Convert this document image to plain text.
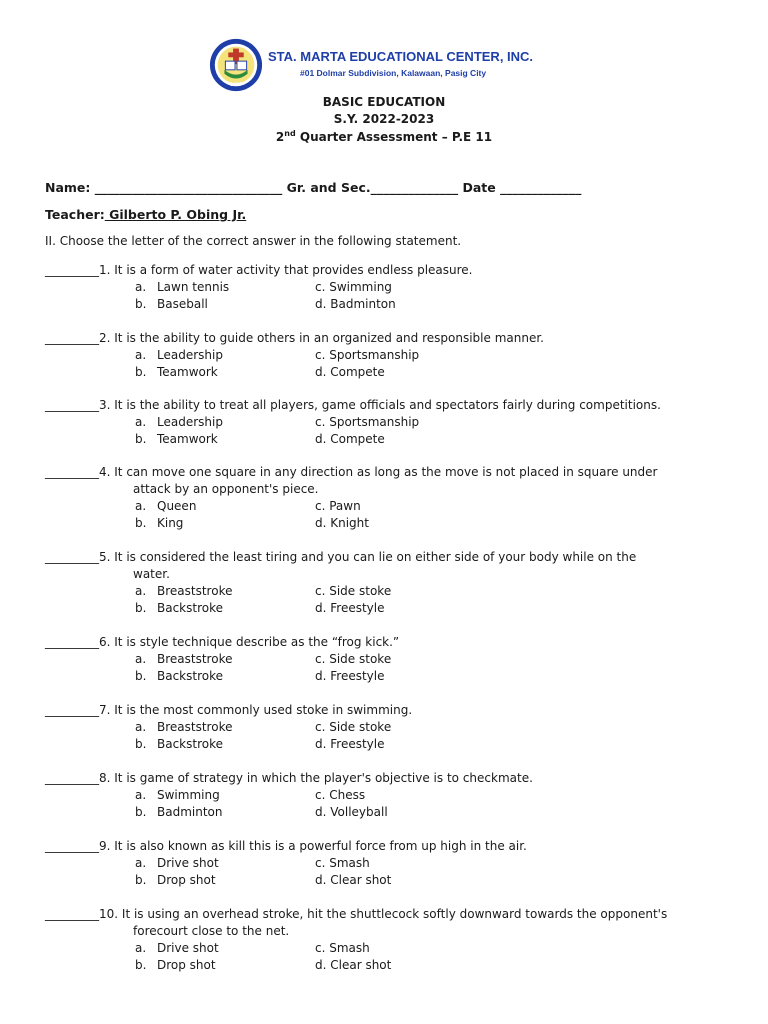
1987
STA. MARTA EDUCATIONAL CENTER, INC.
#01 Dolmar Subdivision, Kalawaan, Pasig City
BASIC EDUCATION
S.Y. 2022-2023
2nd Quarter Assessment – P.E 11
Name: ______________________________ Gr. and Sec.______________ Date _____________
Teacher: Gilberto P. Obing Jr.
II. Choose the letter of the correct answer in the following statement.
_________1. It is a form of water activity that provides endless pleasure.
a. Lawn tennis
b. Baseball
c. Swimming
d. Badminton
_________2. It is the ability to guide others in an organized and responsible manner.
a. Leadership
b. Teamwork
c. Sportsmanship
d. Compete
_________3. It is the ability to treat all players, game officials and spectators fairly during competitions.
a. Leadership
b. Teamwork
c. Sportsmanship
d. Compete
_________4. It can move one square in any direction as long as the move is not placed in square under
attack by an opponent's piece.
a. Queen
b. King
c. Pawn
d. Knight
_________5. It is considered the least tiring and you can lie on either side of your body while on the
water.
a. Breaststroke
b. Backstroke
c. Side stoke
d. Freestyle
_________6. It is style technique describe as the “frog kick.”
a. Breaststroke
b. Backstroke
c. Side stoke
d. Freestyle
_________7. It is the most commonly used stoke in swimming.
a. Breaststroke
b. Backstroke
c. Side stoke
d. Freestyle
_________8. It is game of strategy in which the player's objective is to checkmate.
a. Swimming
b. Badminton
c. Chess
d. Volleyball
_________9. It is also known as kill this is a powerful force from up high in the air.
a. Drive shot
b. Drop shot
c. Smash
d. Clear shot
_________10. It is using an overhead stroke, hit the shuttlecock softly downward towards the opponent's
forecourt close to the net.
a. Drive shot
b. Drop shot
c. Smash
d. Clear shot
